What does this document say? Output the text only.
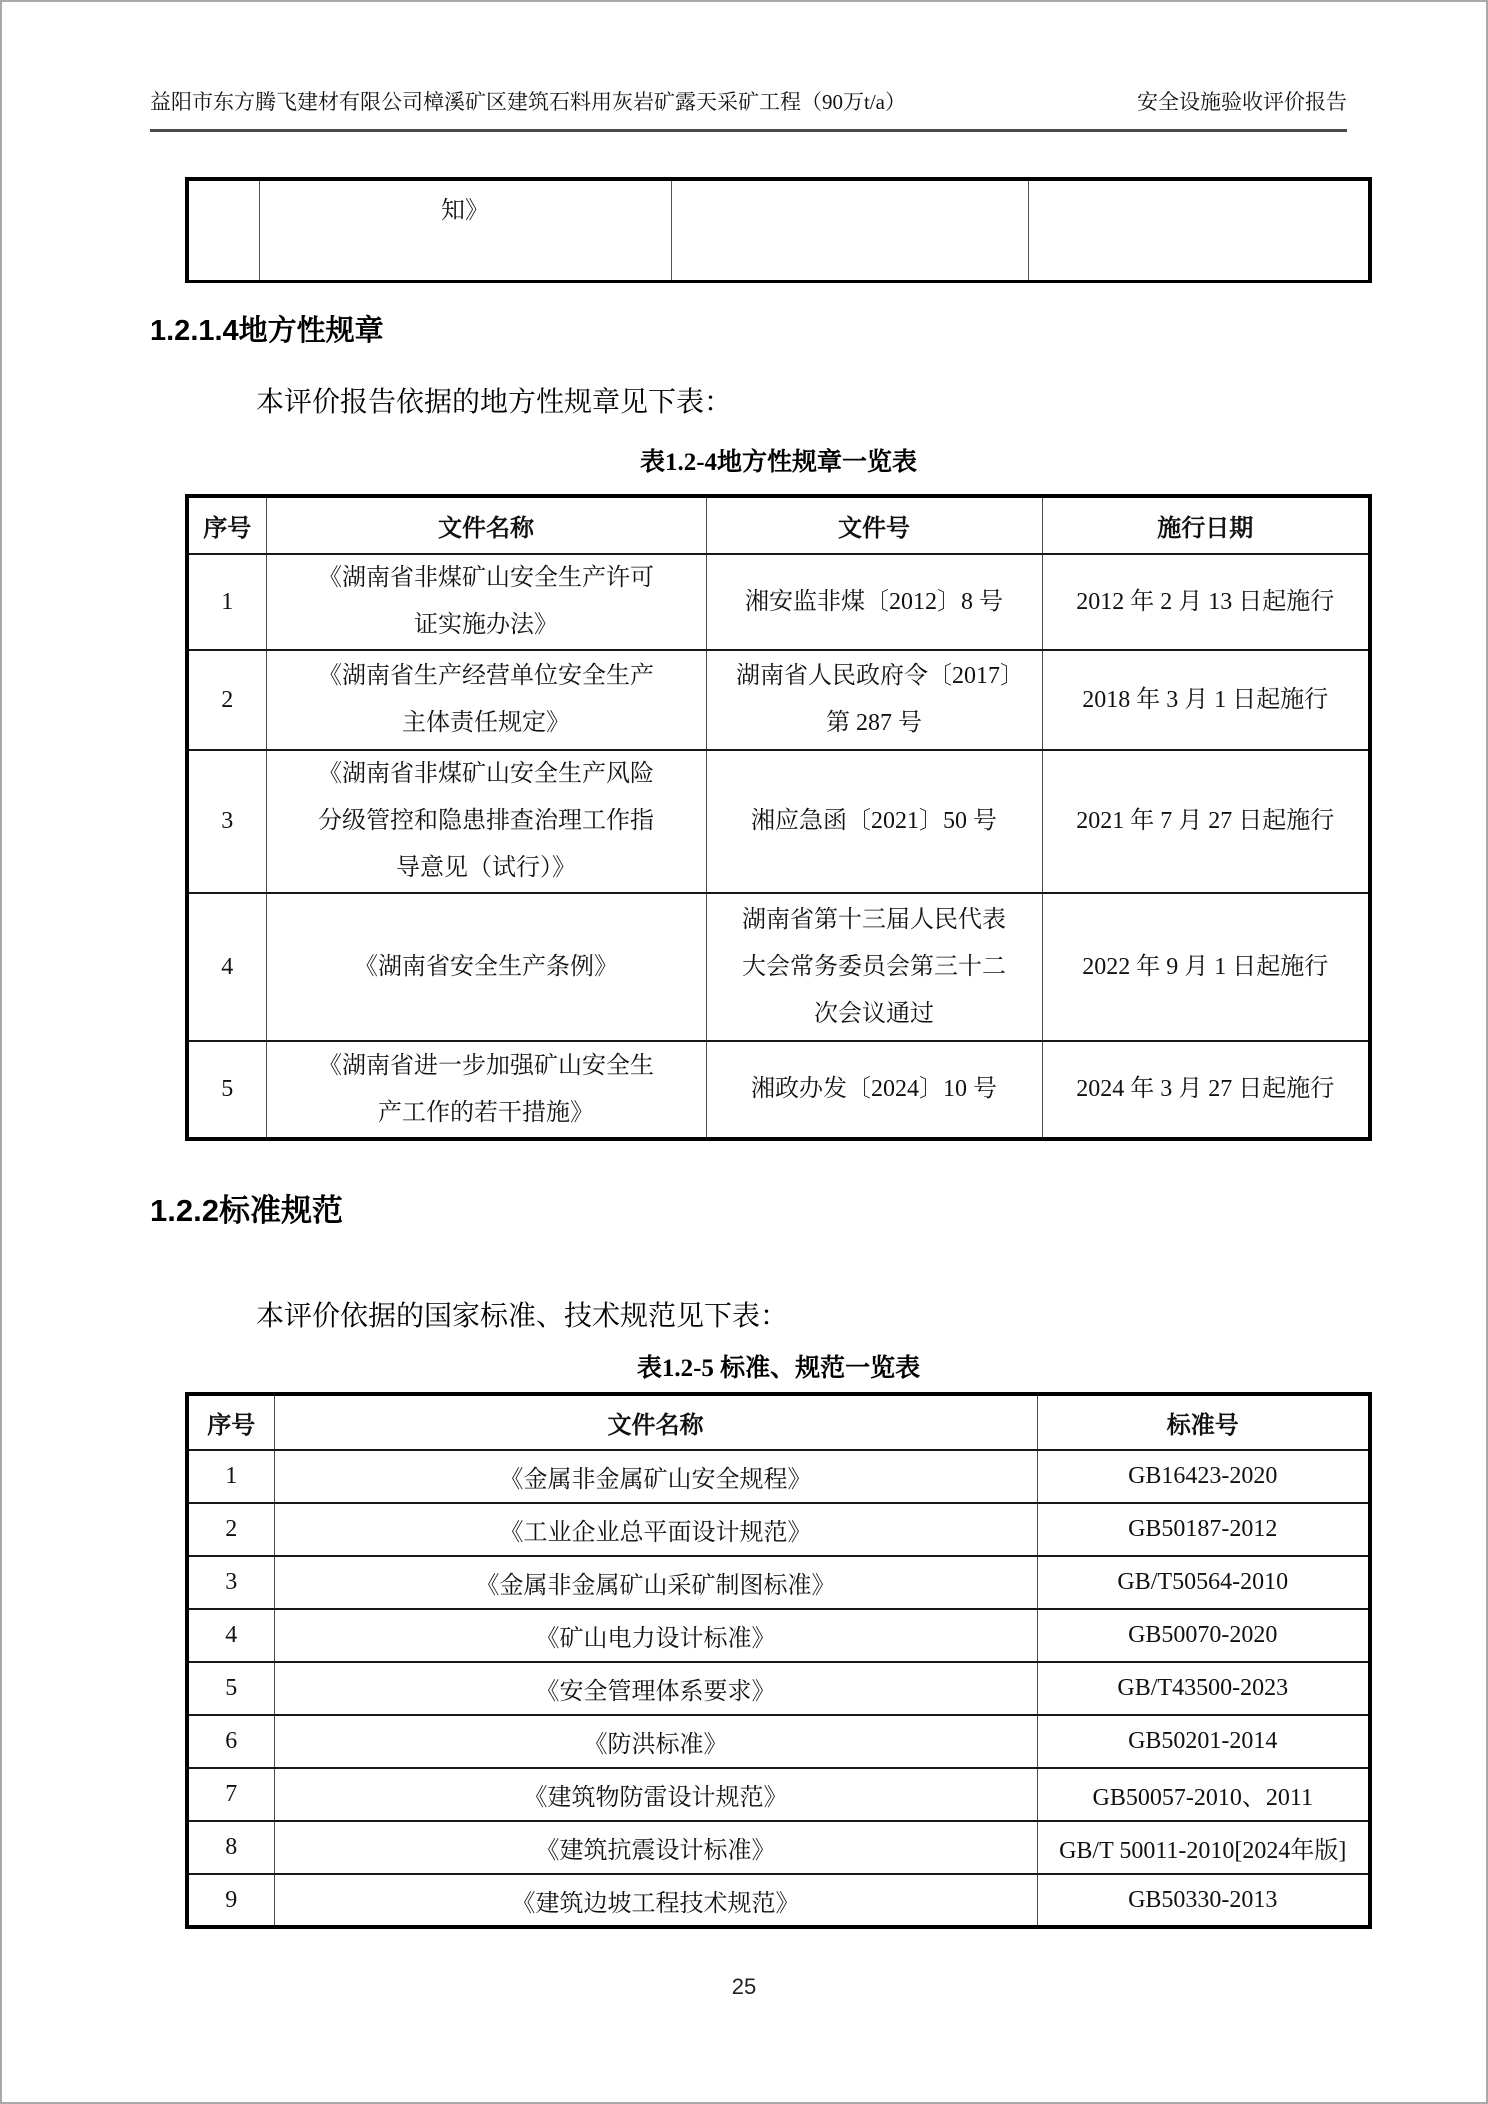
益阳市东方腾飞建材有限公司樟溪矿区建筑石料用灰岩矿露天采矿工程（90万t/a）	安全设施验收评价报告
	知》		
1.2.1.4地方性规章
本评价报告依据的地方性规章见下表：
表1.2-4地方性规章一览表
序号	文件名称	文件号	施行日期
1	《湖南省非煤矿山安全生产许可证实施办法》	湘安监非煤〔2012〕8 号	2012 年 2 月 13 日起施行
2	《湖南省生产经营单位安全生产主体责任规定》	湖南省人民政府令〔2017〕第 287 号	2018 年 3 月 1 日起施行
3	《湖南省非煤矿山安全生产风险分级管控和隐患排查治理工作指导意见（试行）》	湘应急函〔2021〕50 号	2021 年 7 月 27 日起施行
4	《湖南省安全生产条例》	湖南省第十三届人民代表大会常务委员会第三十二次会议通过	2022 年 9 月 1 日起施行
5	《湖南省进一步加强矿山安全生产工作的若干措施》	湘政办发〔2024〕10 号	2024 年 3 月 27 日起施行
1.2.2标准规范
本评价依据的国家标准、技术规范见下表：
表1.2-5 标准、规范一览表
序号	文件名称	标准号
1	《金属非金属矿山安全规程》	GB16423-2020
2	《工业企业总平面设计规范》	GB50187-2012
3	《金属非金属矿山采矿制图标准》	GB/T50564-2010
4	《矿山电力设计标准》	GB50070-2020
5	《安全管理体系要求》	GB/T43500-2023
6	《防洪标准》	GB50201-2014
7	《建筑物防雷设计规范》	GB50057-2010、2011
8	《建筑抗震设计标准》	GB/T 50011-2010[2024年版]
9	《建筑边坡工程技术规范》	GB50330-2013
25
